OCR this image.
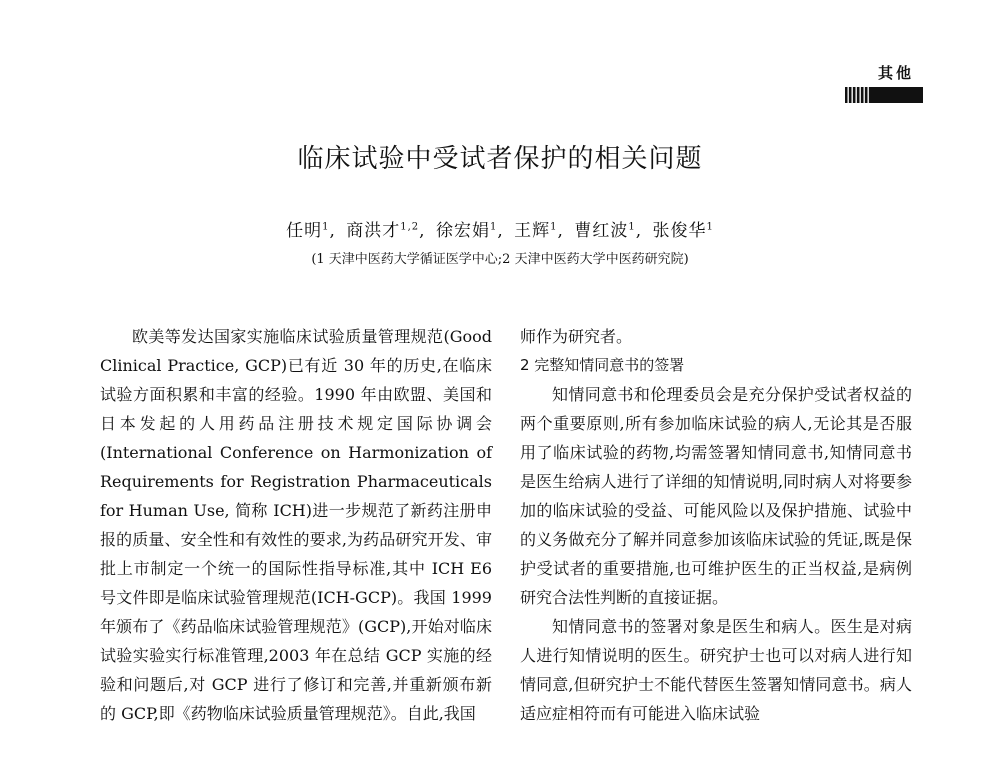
其他
临床试验中受试者保护的相关问题
任明$^1$, 商洪才$^{1,2}$, 徐宏娟$^1$, 王辉$^1$, 曹红波$^1$, 张俊华$^1$
(1 天津中医药大学循证医学中心;2 天津中医药大学中医药研究院)

欧美等发达国家实施临床试验质量管理规范(Good Clinical Practice, GCP)已有近 30 年的历史,在临床试验方面积累和丰富的经验。1990 年由欧盟、美国和日本发起的人用药品注册技术规定国际协调会 (International Conference on Harmonization of Requirements for Registration Pharmaceuticals for Human Use, 简称 ICH)进一步规范了新药注册申报的质量、安全性和有效性的要求,为药品研究开发、审批上市制定一个统一的国际性指导标准,其中 ICH E6 号文件即是临床试验管理规范(ICH-GCP)。我国 1999 年颁布了《药品临床试验管理规范》(GCP),开始对临床试验实验实行标准管理,2003 年在总结 GCP 实施的经验和问题后,对 GCP 进行了修订和完善,并重新颁布新的 GCP,即《药物临床试验质量管理规范》。自此,我国

师作为研究者。

2 完整知情同意书的签署

知情同意书和伦理委员会是充分保护受试者权益的两个重要原则,所有参加临床试验的病人,无论其是否服用了临床试验的药物,均需签署知情同意书,知情同意书是医生给病人进行了详细的知情说明,同时病人对将要参加的临床试验的受益、可能风险以及保护措施、试验中的义务做充分了解并同意参加该临床试验的凭证,既是保护受试者的重要措施,也可维护医生的正当权益,是病例研究合法性判断的直接证据。

知情同意书的签署对象是医生和病人。医生是对病人进行知情说明的医生。研究护士也可以对病人进行知情同意,但研究护士不能代替医生签署知情同意书。病人适应症相符而有可能进入临床试验
